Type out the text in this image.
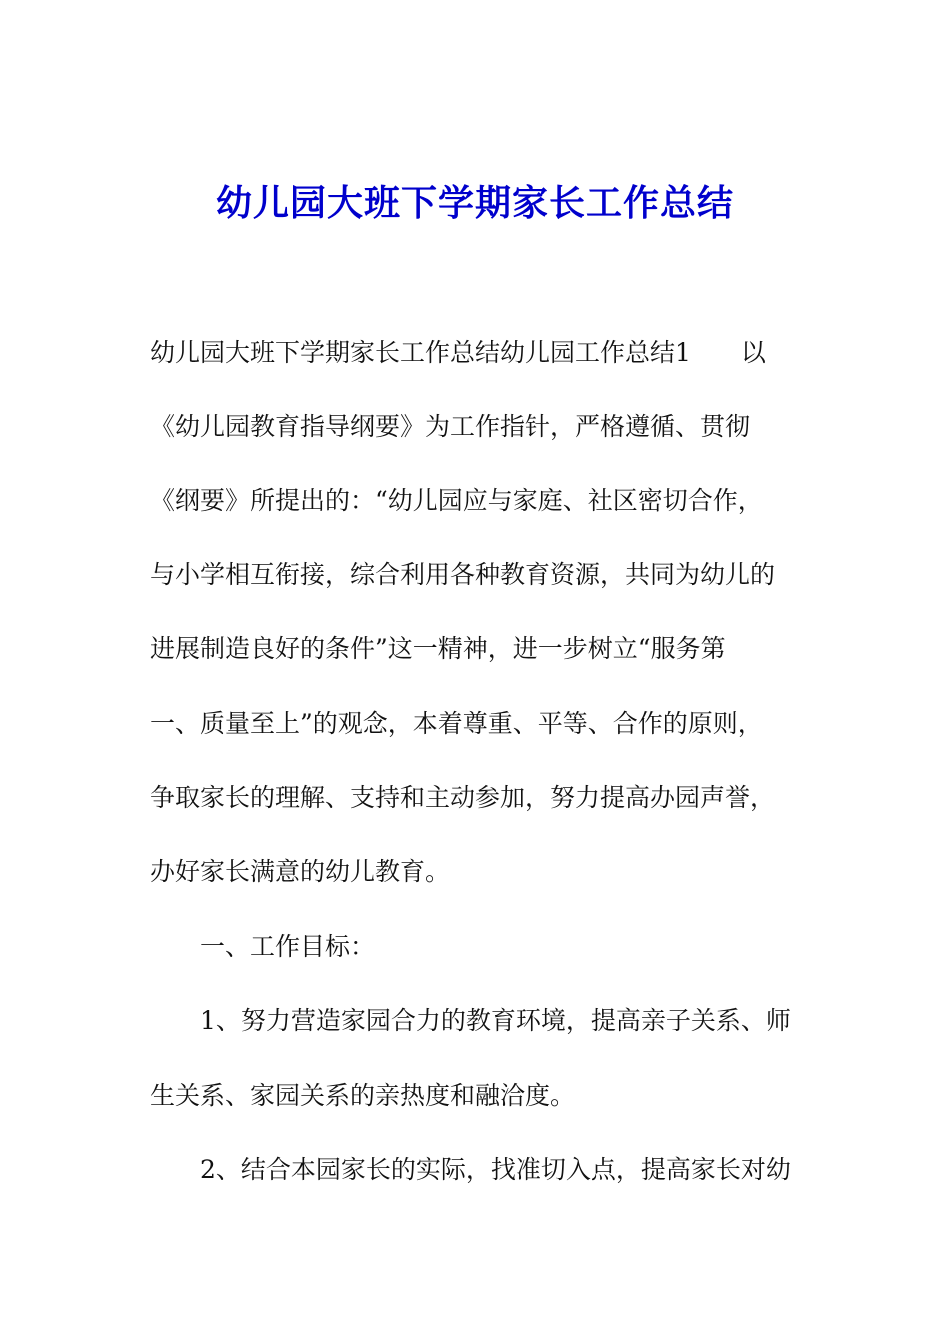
幼儿园大班下学期家长工作总结
幼儿园大班下学期家长工作总结幼儿园工作总结1　　以
《幼儿园教育指导纲要》为工作指针，严格遵循、贯彻
《纲要》所提出的：“幼儿园应与家庭、社区密切合作，
与小学相互衔接，综合利用各种教育资源，共同为幼儿的
进展制造良好的条件”这一精神，进一步树立“服务第
一、质量至上”的观念，本着尊重、平等、合作的原则，
争取家长的理解、支持和主动参加，努力提高办园声誉，
办好家长满意的幼儿教育。
一、工作目标：
1、努力营造家园合力的教育环境，提高亲子关系、师
生关系、家园关系的亲热度和融洽度。
2、结合本园家长的实际，找准切入点，提高家长对幼
